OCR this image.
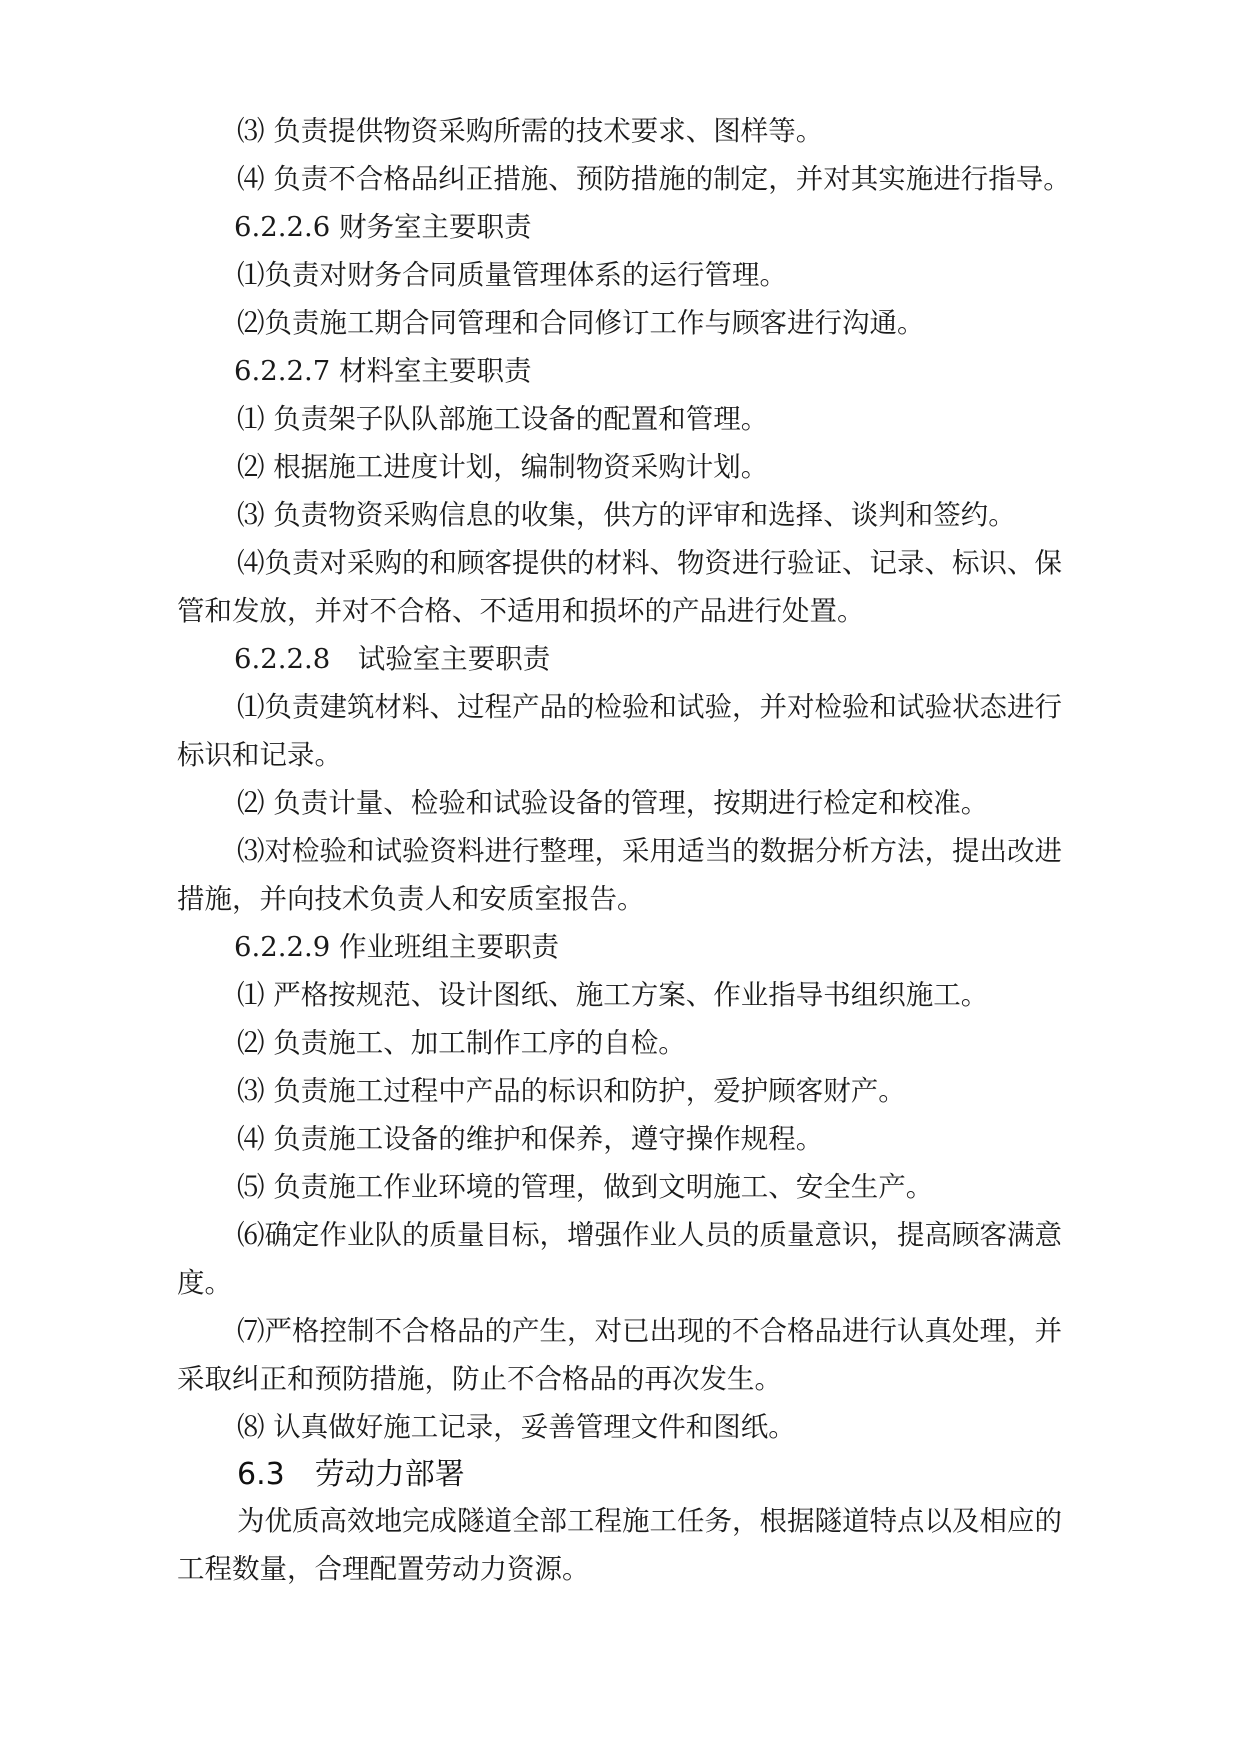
⑶ 负责提供物资采购所需的技术要求、图样等。
⑷ 负责不合格品纠正措施、预防措施的制定，并对其实施进行指导。
6.2.2.6 财务室主要职责
⑴负责对财务合同质量管理体系的运行管理。
⑵负责施工期合同管理和合同修订工作与顾客进行沟通。
6.2.2.7 材料室主要职责
⑴ 负责架子队队部施工设备的配置和管理。
⑵ 根据施工进度计划，编制物资采购计划。
⑶ 负责物资采购信息的收集，供方的评审和选择、谈判和签约。
⑷负责对采购的和顾客提供的材料、物资进行验证、记录、标识、保
管和发放，并对不合格、不适用和损坏的产品进行处置。
6.2.2.8　试验室主要职责
⑴负责建筑材料、过程产品的检验和试验，并对检验和试验状态进行
标识和记录。
⑵ 负责计量、检验和试验设备的管理，按期进行检定和校准。
⑶对检验和试验资料进行整理，采用适当的数据分析方法，提出改进
措施，并向技术负责人和安质室报告。
6.2.2.9 作业班组主要职责
⑴ 严格按规范、设计图纸、施工方案、作业指导书组织施工。
⑵ 负责施工、加工制作工序的自检。
⑶ 负责施工过程中产品的标识和防护，爱护顾客财产。
⑷ 负责施工设备的维护和保养，遵守操作规程。
⑸ 负责施工作业环境的管理，做到文明施工、安全生产。
⑹确定作业队的质量目标，增强作业人员的质量意识，提高顾客满意
度。
⑺严格控制不合格品的产生，对已出现的不合格品进行认真处理，并
采取纠正和预防措施，防止不合格品的再次发生。
⑻ 认真做好施工记录，妥善管理文件和图纸。
6.3　劳动力部署
为优质高效地完成隧道全部工程施工任务，根据隧道特点以及相应的
工程数量，合理配置劳动力资源。
